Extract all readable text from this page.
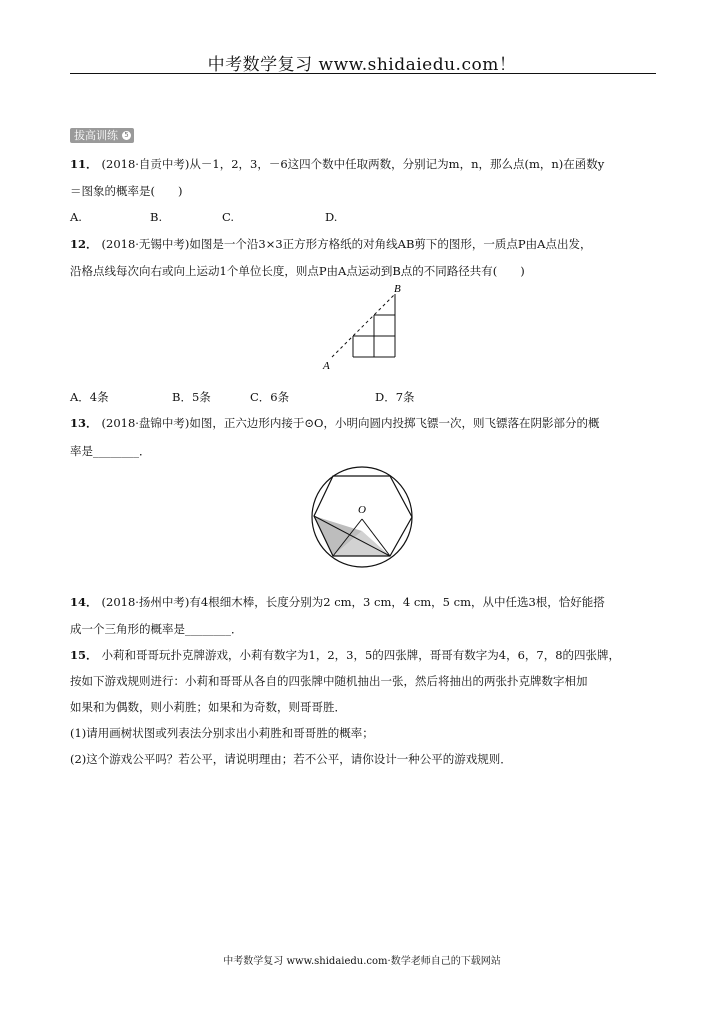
中考数学复习 www.shidaiedu.com！
拔高训练 5
11． (2018·自贡中考)从－1，2，3，－6这四个数中任取两数，分别记为m，n，那么点(m，n)在函数y
＝图象的概率是(　　)
A.	B.	C.	D.
12． (2018·无锡中考)如图是一个沿3×3正方形方格纸的对角线AB剪下的图形，一质点P由A点出发，
沿格点线每次向右或向上运动1个单位长度，则点P由A点运动到B点的不同路径共有(　　)
A
B
A．4条	B．5条	C．6条	D．7条
13． (2018·盘锦中考)如图，正六边形内接于⊙O，小明向圆内投掷飞镖一次，则飞镖落在阴影部分的概
率是________．
O
14． (2018·扬州中考)有4根细木棒，长度分别为2 cm，3 cm，4 cm，5 cm，从中任选3根，恰好能搭
成一个三角形的概率是________．
15． 小莉和哥哥玩扑克牌游戏，小莉有数字为1，2，3，5的四张牌，哥哥有数字为4，6，7，8的四张牌，
按如下游戏规则进行：小莉和哥哥从各自的四张牌中随机抽出一张，然后将抽出的两张扑克牌数字相加
如果和为偶数，则小莉胜；如果和为奇数，则哥哥胜．
(1)请用画树状图或列表法分别求出小莉胜和哥哥胜的概率；
(2)这个游戏公平吗？若公平，请说明理由；若不公平，请你设计一种公平的游戏规则．
中考数学复习 www.shidaiedu.com·数学老师自己的下载网站
